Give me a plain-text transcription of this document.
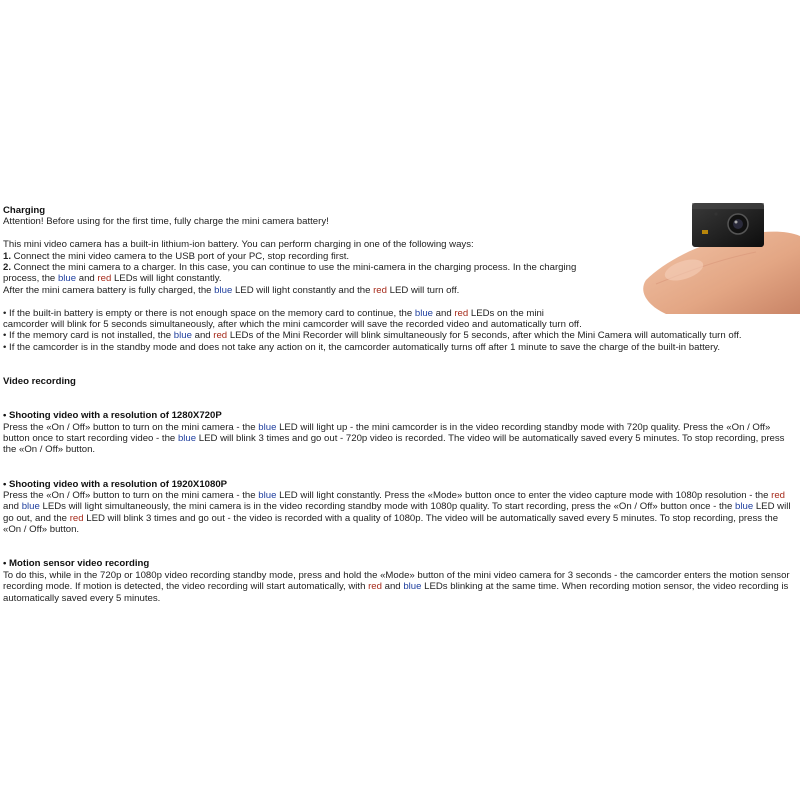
Charging
Attention! Before using for the first time, fully charge the mini camera battery!
This mini video camera has a built-in lithium-ion battery. You can perform charging in one of the following ways:
1. Connect the mini video camera to the USB port of your PC, stop recording first.
2. Connect the mini camera to a charger. In this case, you can continue to use the mini-camera in the charging process. In the charging process, the blue and red LEDs will light constantly.
After the mini camera battery is fully charged, the blue LED will light constantly and the red LED will turn off.
• If the built-in battery is empty or there is not enough space on the memory card to continue, the blue and red LEDs on the mini
camcorder will blink for 5 seconds simultaneously, after which the mini camcorder will save the recorded video and automatically turn off.
• If the memory card is not installed, the blue and red LEDs of the Mini Recorder will blink simultaneously for 5 seconds, after which the Mini Camera will automatically turn off.
• If the camcorder is in the standby mode and does not take any action on it, the camcorder automatically turns off after 1 minute to save the charge of the built-in battery.
Video recording
• Shooting video with a resolution of 1280X720P
Press the «On / Off» button to turn on the mini camera - the blue LED will light up - the mini camcorder is in the video recording standby mode with 720p quality. Press the «On / Off» button once to start recording video - the blue LED will blink 3 times and go out - 720p video is recorded. The video will be automatically saved every 5 minutes. To stop recording, press the «On / Off» button.
• Shooting video with a resolution of 1920X1080P
Press the «On / Off» button to turn on the mini camera - the blue LED will light constantly. Press the «Mode» button once to enter the video capture mode with 1080p resolution - the red and blue LEDs will light simultaneously, the mini camera is in the video recording standby mode with 1080p quality. To start recording, press the «On / Off» button once - the blue LED will go out, and the red LED will blink 3 times and go out - the video is recorded with a quality of 1080p. The video will be automatically saved every 5 minutes. To stop recording, press the «On / Off» button.
• Motion sensor video recording
To do this, while in the 720p or 1080p video recording standby mode, press and hold the «Mode» button of the mini video camera for 3 seconds - the camcorder enters the motion sensor recording mode. If motion is detected, the video recording will start automatically, with red and blue LEDs blinking at the same time. When recording motion sensor, the video recording is automatically saved every 5 minutes.
